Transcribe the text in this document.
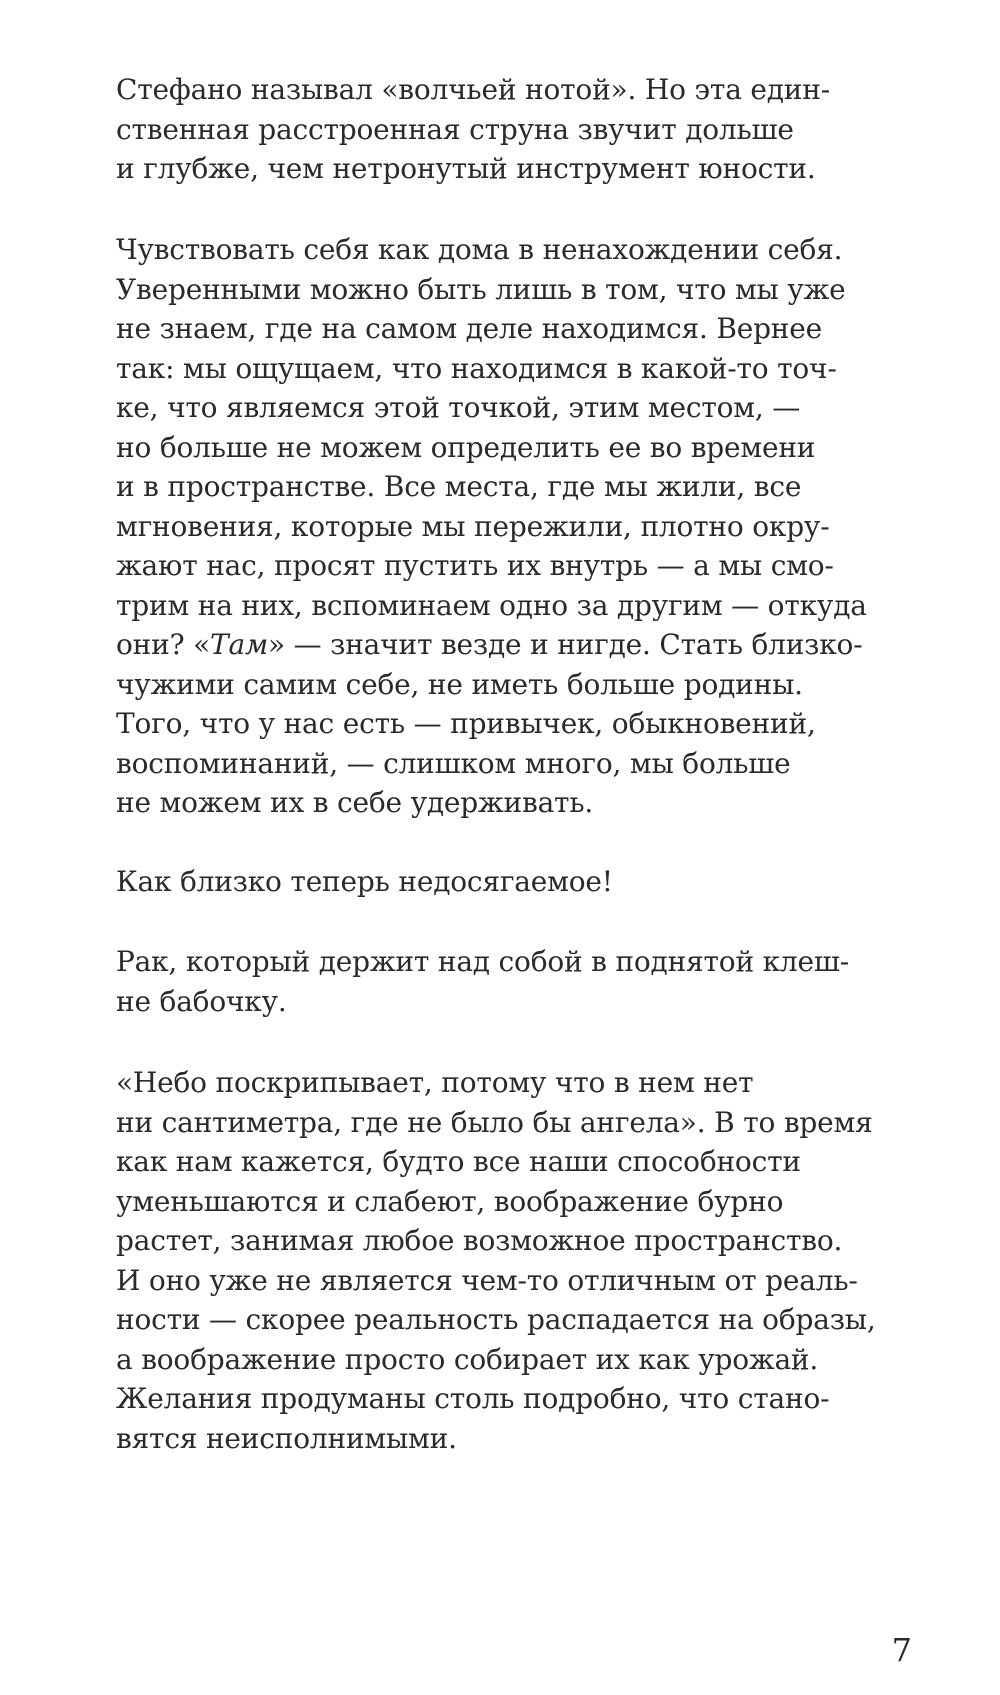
Стефано называл «волчьей нотой». Но эта един-
ственная расстроенная струна звучит дольше
и глубже, чем нетронутый инструмент юности.

Чувствовать себя как дома в ненахождении себя.
Уверенными можно быть лишь в том, что мы уже
не знаем, где на самом деле находимся. Вернее
так: мы ощущаем, что находимся в какой-то точ-
ке, что являемся этой точкой, этим местом, —
но больше не можем определить ее во времени
и в пространстве. Все места, где мы жили, все
мгновения, которые мы пережили, плотно окру-
жают нас, просят пустить их внутрь — а мы смо-
трим на них, вспоминаем одно за другим — откуда
они? «Там» — значит везде и нигде. Стать близко-
чужими самим себе, не иметь больше родины.
Того, что у нас есть — привычек, обыкновений,
воспоминаний, — слишком много, мы больше
не можем их в себе удерживать.

Как близко теперь недосягаемое!

Рак, который держит над собой в поднятой клеш-
не бабочку.

«Небо поскрипывает, потому что в нем нет
ни сантиметра, где не было бы ангела». В то время
как нам кажется, будто все наши способности
уменьшаются и слабеют, воображение бурно
растет, занимая любое возможное пространство.
И оно уже не является чем-то отличным от реаль-
ности — скорее реальность распадается на образы,
а воображение просто собирает их как урожай.
Желания продуманы столь подробно, что стано-
вятся неисполнимыми.

7
